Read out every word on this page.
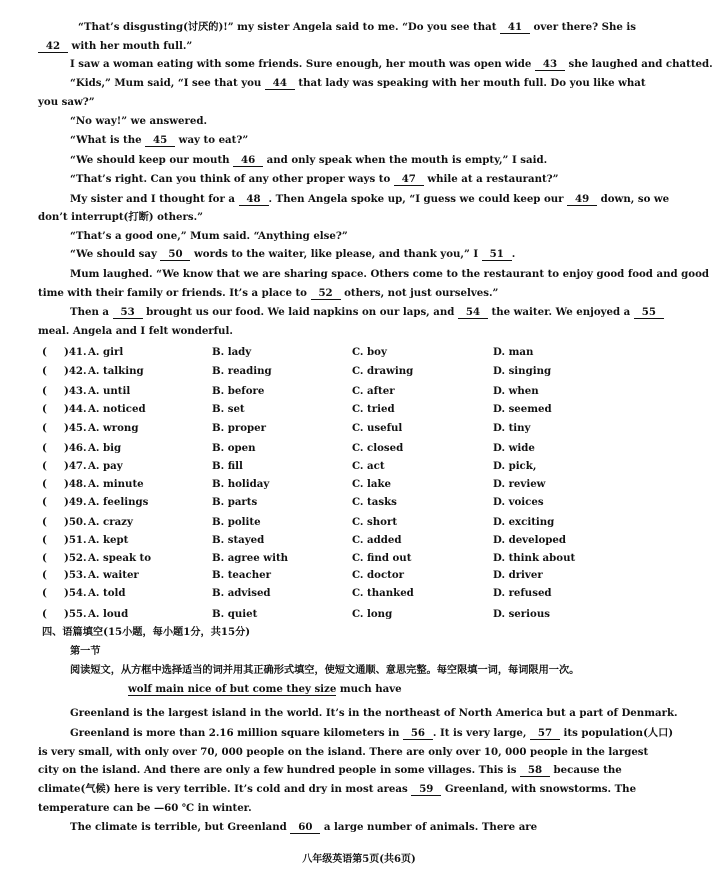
“That’s disgusting(讨厌的)!” my sister Angela said to me. “Do you see that 41 over there? She is
42 with her mouth full.”
I saw a woman eating with some friends. Sure enough, her mouth was open wide 43 she laughed and chatted.
“Kids,” Mum said, “I see that you 44 that lady was speaking with her mouth full. Do you like what
you saw?”
“No way!” we answered.
“What is the 45 way to eat?”
“We should keep our mouth 46 and only speak when the mouth is empty,” I said.
“That’s right. Can you think of any other proper ways to 47 while at a restaurant?”
My sister and I thought for a 48 . Then Angela spoke up, “I guess we could keep our 49 down, so we
don’t interrupt(打断) others.”
“That’s a good one,” Mum said. “Anything else?”
“We should say 50 words to the waiter, like please, and thank you,” I 51 .
Mum laughed. “We know that we are sharing space. Others come to the restaurant to enjoy good food and good
time with their family or friends. It’s a place to 52 others, not just ourselves.”
Then a 53 brought us our food. We laid napkins on our laps, and 54 the waiter. We enjoyed a 55
meal. Angela and I felt wonderful.
( )41. A. girl	B. lady	C. boy	D. man
( )42. A. talking	B. reading	C. drawing	D. singing
( )43. A. until	B. before	C. after	D. when
( )44. A. noticed	B. set	C. tried	D. seemed
( )45. A. wrong	B. proper	C. useful	D. tiny
( )46. A. big	B. open	C. closed	D. wide
( )47. A. pay	B. fill	C. act	D. pick,
( )48. A. minute	B. holiday	C. lake	D. review
( )49. A. feelings	B. parts	C. tasks	D. voices
( )50. A. crazy	B. polite	C. short	D. exciting
( )51. A. kept	B. stayed	C. added	D. developed
( )52. A. speak to	B. agree with	C. find out	D. think about
( )53. A. waiter	B. teacher	C. doctor	D. driver
( )54. A. told	B. advised	C. thanked	D. refused
( )55. A. loud	B. quiet	C. long	D. serious
四、语篇填空(15小题，每小题1分，共15分)
第一节
阅读短文，从方框中选择适当的词并用其正确形式填空，使短文通顺、意思完整。每空限填一词，每词限用一次。
wolf main nice of but come they size much have
Greenland is the largest island in the world. It’s in the northeast of North America but a part of Denmark.
Greenland is more than 2.16 million square kilometers in 56 . It is very large, 57 its population(人口)
is very small, with only over 70, 000 people on the island. There are only over 10, 000 people in the largest
city on the island. And there are only a few hundred people in some villages. This is 58 because the
climate(气候) here is very terrible. It’s cold and dry in most areas 59 Greenland, with snowstorms. The
temperature can be —60 ℃ in winter.
The climate is terrible, but Greenland 60 a large number of animals. There are
八年级英语第5页(共6页)
